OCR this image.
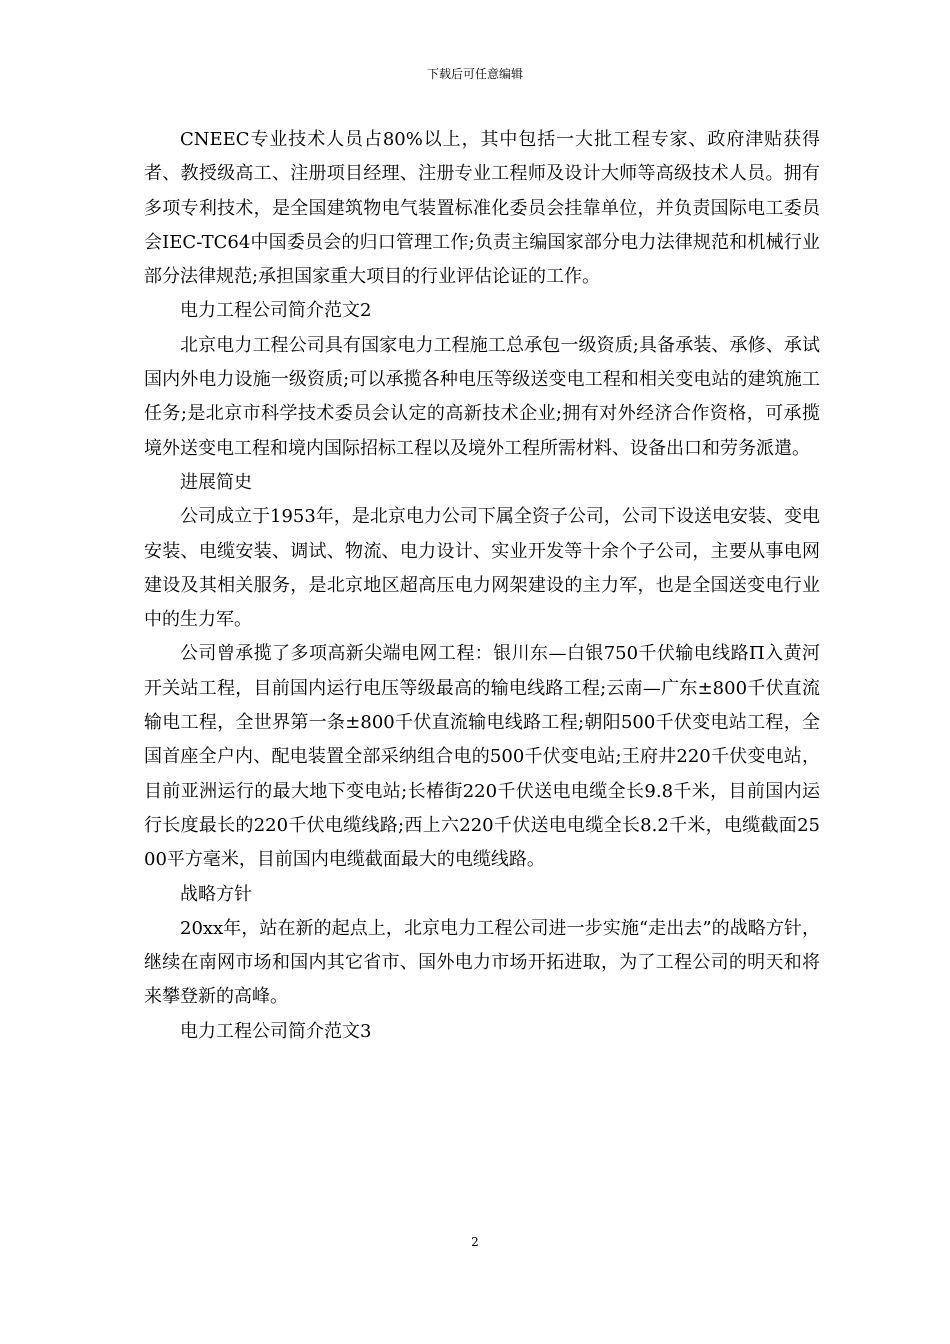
下载后可任意编辑

CNEEC专业技术人员占80%以上，其中包括一大批工程专家、政府津贴获得者、教授级高工、注册项目经理、注册专业工程师及设计大师等高级技术人员。拥有多项专利技术，是全国建筑物电气装置标准化委员会挂靠单位，并负责国际电工委员会IEC-TC64中国委员会的归口管理工作;负责主编国家部分电力法律规范和机械行业部分法律规范;承担国家重大项目的行业评估论证的工作。

电力工程公司简介范文2

北京电力工程公司具有国家电力工程施工总承包一级资质;具备承装、承修、承试国内外电力设施一级资质;可以承揽各种电压等级送变电工程和相关变电站的建筑施工任务;是北京市科学技术委员会认定的高新技术企业;拥有对外经济合作资格，可承揽境外送变电工程和境内国际招标工程以及境外工程所需材料、设备出口和劳务派遣。

进展简史

公司成立于1953年，是北京电力公司下属全资子公司，公司下设送电安装、变电安装、电缆安装、调试、物流、电力设计、实业开发等十余个子公司，主要从事电网建设及其相关服务，是北京地区超高压电力网架建设的主力军，也是全国送变电行业中的生力军。

公司曾承揽了多项高新尖端电网工程：银川东—白银750千伏输电线路Π入黄河开关站工程，目前国内运行电压等级最高的输电线路工程;云南—广东±800千伏直流输电工程，全世界第一条±800千伏直流输电线路工程;朝阳500千伏变电站工程，全国首座全户内、配电装置全部采纳组合电的500千伏变电站;王府井220千伏变电站，目前亚洲运行的最大地下变电站;长椿街220千伏送电电缆全长9.8千米，目前国内运行长度最长的220千伏电缆线路;西上六220千伏送电电缆全长8.2千米，电缆截面2500平方毫米，目前国内电缆截面最大的电缆线路。

战略方针

20xx年，站在新的起点上，北京电力工程公司进一步实施“走出去”的战略方针，继续在南网市场和国内其它省市、国外电力市场开拓进取，为了工程公司的明天和将来攀登新的高峰。

电力工程公司简介范文3

2
